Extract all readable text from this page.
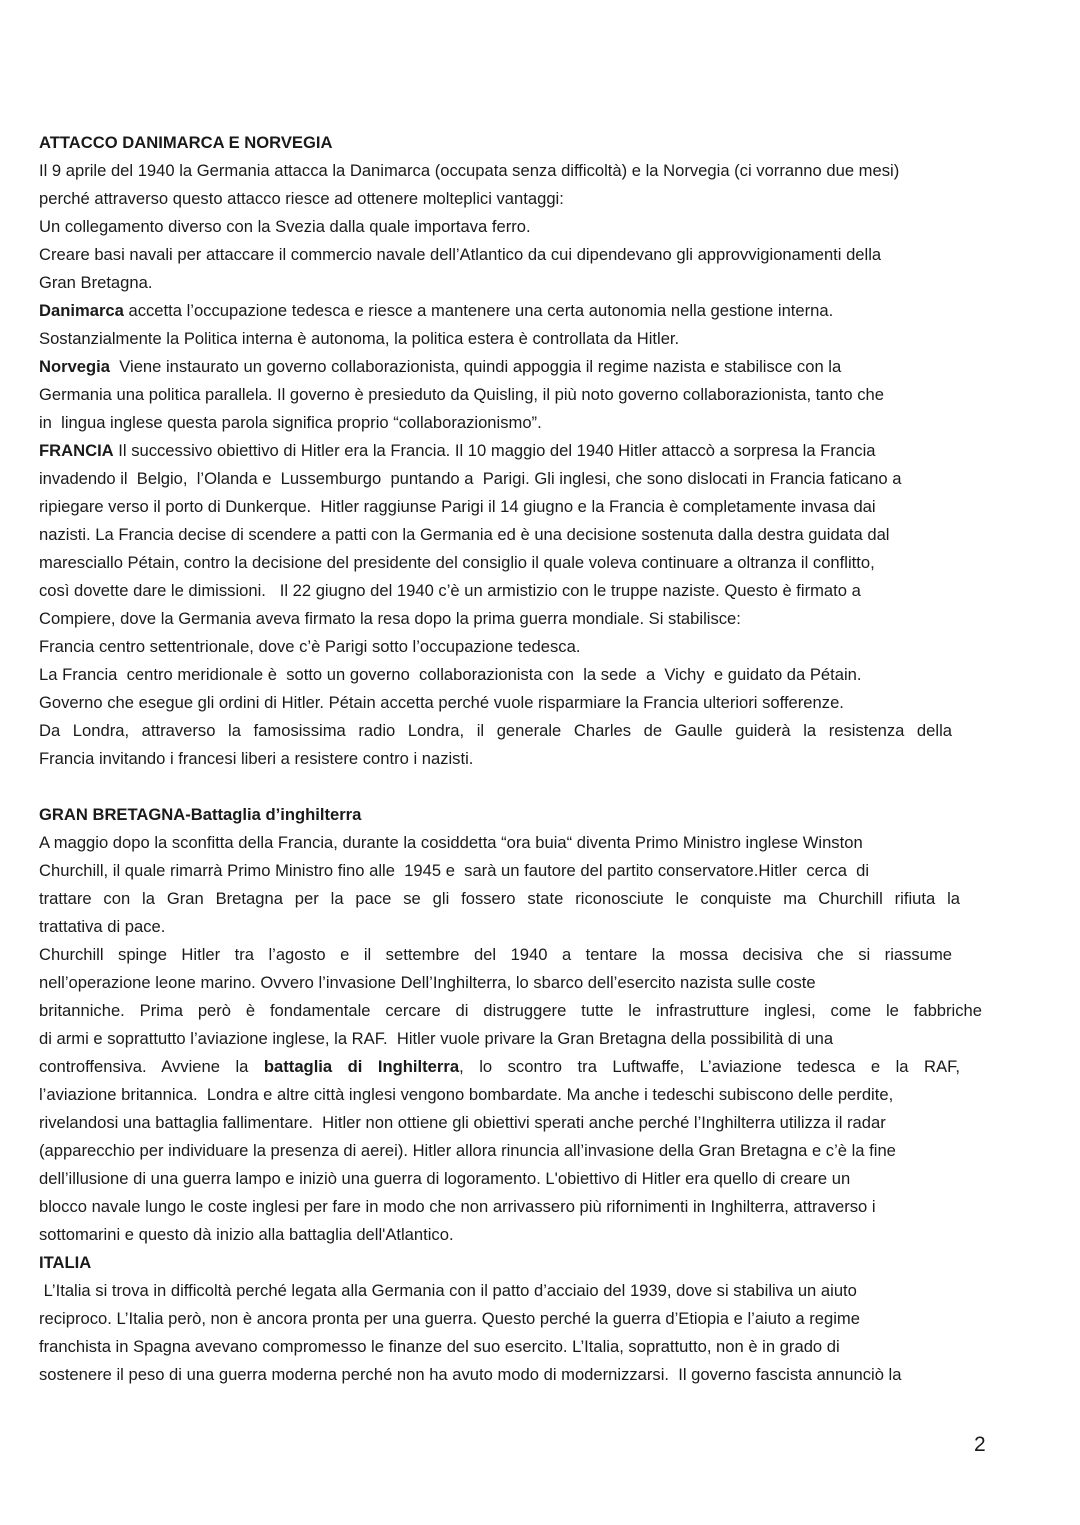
ATTACCO DANIMARCA E NORVEGIA
Il 9 aprile del 1940 la Germania attacca la Danimarca (occupata senza difficoltà) e la Norvegia (ci vorranno due mesi)
perché attraverso questo attacco riesce ad ottenere molteplici vantaggi:
Un collegamento diverso con la Svezia dalla quale importava ferro.
Creare basi navali per attaccare il commercio navale dell’Atlantico da cui dipendevano gli approvvigionamenti della
Gran Bretagna.
Danimarca accetta l’occupazione tedesca e riesce a mantenere una certa autonomia nella gestione interna.
Sostanzialmente la Politica interna è autonoma, la politica estera è controllata da Hitler.
Norvegia  Viene instaurato un governo collaborazionista, quindi appoggia il regime nazista e stabilisce con la
Germania una politica parallela. Il governo è presieduto da Quisling, il più noto governo collaborazionista, tanto che
in  lingua inglese questa parola significa proprio “collaborazionismo”.
FRANCIA Il successivo obiettivo di Hitler era la Francia. Il 10 maggio del 1940 Hitler attaccò a sorpresa la Francia
invadendo il  Belgio,  l’Olanda e  Lussemburgo  puntando a  Parigi. Gli inglesi, che sono dislocati in Francia faticano a
ripiegare verso il porto di Dunkerque.  Hitler raggiunse Parigi il 14 giugno e la Francia è completamente invasa dai
nazisti. La Francia decise di scendere a patti con la Germania ed è una decisione sostenuta dalla destra guidata dal
maresciallo Pétain, contro la decisione del presidente del consiglio il quale voleva continuare a oltranza il conflitto,
così dovette dare le dimissioni.   Il 22 giugno del 1940 c’è un armistizio con le truppe naziste. Questo è firmato a
Compiere, dove la Germania aveva firmato la resa dopo la prima guerra mondiale. Si stabilisce:
Francia centro settentrionale, dove c’è Parigi sotto l’occupazione tedesca.
La Francia  centro meridionale è  sotto un governo  collaborazionista con  la sede  a  Vichy  e guidato da Pétain.
Governo che esegue gli ordini di Hitler. Pétain accetta perché vuole risparmiare la Francia ulteriori sofferenze.
Da Londra, attraverso la famosissima radio Londra, il generale Charles de Gaulle guiderà la resistenza della
Francia invitando i francesi liberi a resistere contro i nazisti.
GRAN BRETAGNA-Battaglia d’inghilterra
A maggio dopo la sconfitta della Francia, durante la cosiddetta “ora buia“ diventa Primo Ministro inglese Winston
Churchill, il quale rimarrà Primo Ministro fino alle  1945 e  sarà un fautore del partito conservatore.Hitler  cerca  di
trattare con la Gran Bretagna per la pace se gli fossero state riconosciute le conquiste ma Churchill rifiuta la
trattativa di pace.
Churchill spinge Hitler tra l’agosto e il settembre del 1940 a tentare la mossa decisiva che si riassume
nell’operazione leone marino. Ovvero l’invasione Dell’Inghilterra, lo sbarco dell’esercito nazista sulle coste
britanniche. Prima però è fondamentale cercare di distruggere tutte le infrastrutture inglesi, come le fabbriche
di armi e soprattutto l’aviazione inglese, la RAF.  Hitler vuole privare la Gran Bretagna della possibilità di una
controffensiva. Avviene la battaglia di Inghilterra, lo scontro tra Luftwaffe, L’aviazione tedesca e la RAF,
l’aviazione britannica.  Londra e altre città inglesi vengono bombardate. Ma anche i tedeschi subiscono delle perdite,
rivelandosi una battaglia fallimentare.  Hitler non ottiene gli obiettivi sperati anche perché l’Inghilterra utilizza il radar
(apparecchio per individuare la presenza di aerei). Hitler allora rinuncia all’invasione della Gran Bretagna e c’è la fine
dell’illusione di una guerra lampo e iniziò una guerra di logoramento. L'obiettivo di Hitler era quello di creare un
blocco navale lungo le coste inglesi per fare in modo che non arrivassero più rifornimenti in Inghilterra, attraverso i
sottomarini e questo dà inizio alla battaglia dell'Atlantico.
ITALIA
L’Italia si trova in difficoltà perché legata alla Germania con il patto d’acciaio del 1939, dove si stabiliva un aiuto
reciproco. L’Italia però, non è ancora pronta per una guerra. Questo perché la guerra d’Etiopia e l’aiuto a regime
franchista in Spagna avevano compromesso le finanze del suo esercito. L’Italia, soprattutto, non è in grado di
sostenere il peso di una guerra moderna perché non ha avuto modo di modernizzarsi.  Il governo fascista annunciò la
2
